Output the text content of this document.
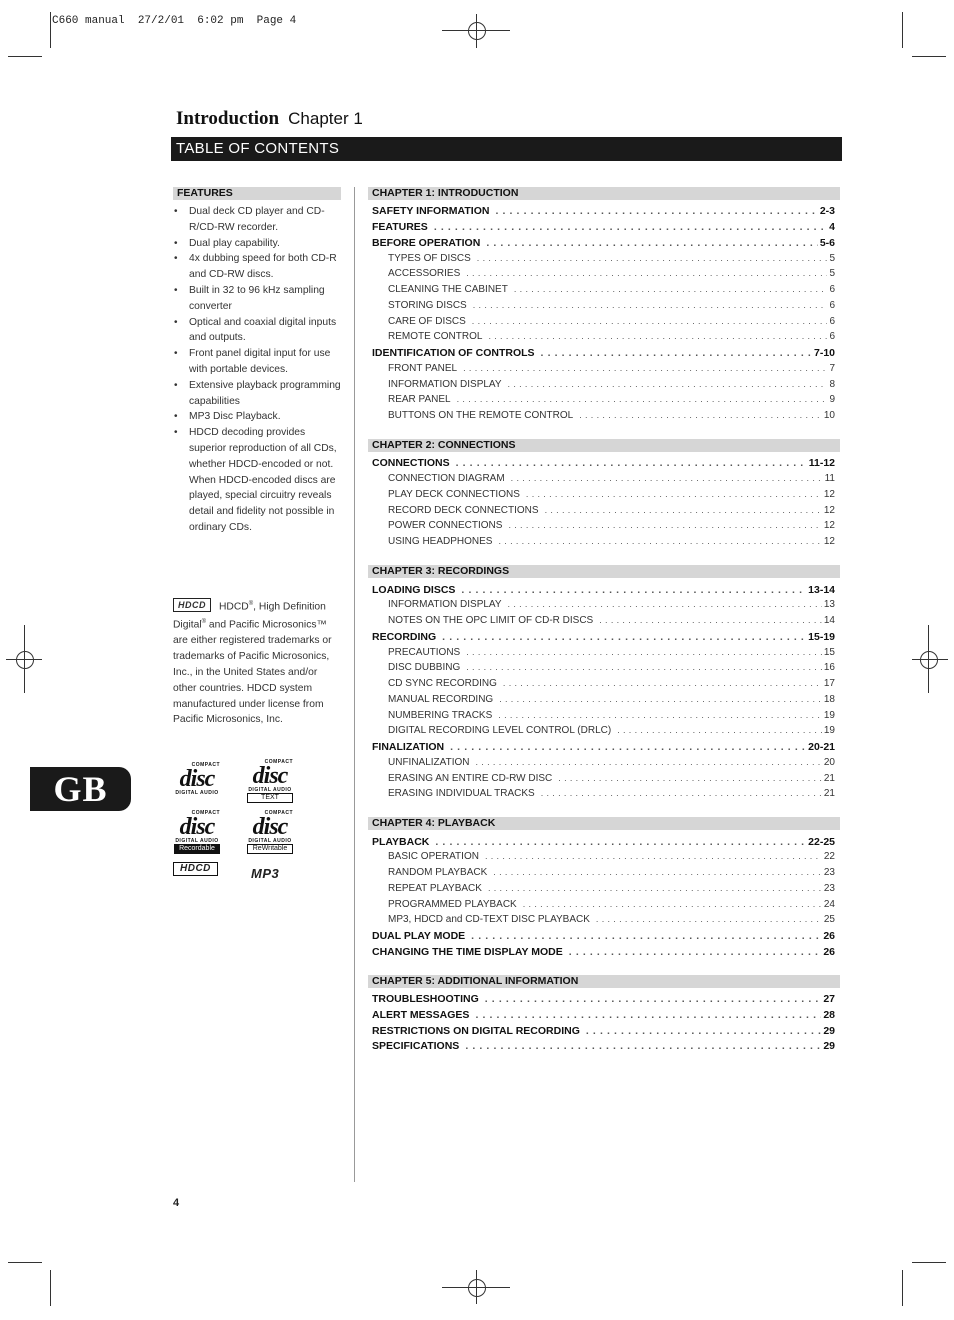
C660 manual  27/2/01  6:02 pm  Page 4
Introduction Chapter 1
TABLE OF CONTENTS
FEATURES
• Dual deck CD player and CD-R/CD-RW recorder.
• Dual play capability.
• 4x dubbing speed for both CD-R and CD-RW discs.
• Built in 32 to 96 kHz sampling converter
• Optical and coaxial digital inputs and outputs.
• Front panel digital input for use with portable devices.
• Extensive playback programming capabilities
• MP3 Disc Playback.
• HDCD decoding provides superior reproduction of all CDs, whether HDCD-encoded or not. When HDCD-encoded discs are played, special circuitry reveals detail and fidelity not possible in ordinary CDs.
HDCD HDCD®, High Definition Digital® and Pacific Microsonics™ are either registered trademarks or trademarks of Pacific Microsonics, Inc., in the United States and/or other countries. HDCD system manufactured under license from Pacific Microsonics, Inc.
COMPACT
disc
DIGITAL AUDIO
COMPACT
disc
DIGITAL AUDIO
TEXT
COMPACT
disc
DIGITAL AUDIO
Recordable
COMPACT
disc
DIGITAL AUDIO
ReWritable
HDCD	MP3
GB
4
CHAPTER 1: INTRODUCTION
SAFETY INFORMATION . . .	2-3
FEATURES . . .	4
BEFORE OPERATION . . .	5-6
TYPES OF DISCS . . .	5
ACCESSORIES . . .	5
CLEANING THE CABINET . . .	6
STORING DISCS . . .	6
CARE OF DISCS . . .	6
REMOTE CONTROL . . .	6
IDENTIFICATION OF CONTROLS . . .	7-10
FRONT PANEL . . .	7
INFORMATION DISPLAY . . .	8
REAR PANEL . . .	9
BUTTONS ON THE REMOTE CONTROL . . .	10
CHAPTER 2: CONNECTIONS
CONNECTIONS . . .	11-12
CONNECTION DIAGRAM . . .	11
PLAY DECK CONNECTIONS . . .	12
RECORD DECK CONNECTIONS . . .	12
POWER CONNECTIONS . . .	12
USING HEADPHONES . . .	12
CHAPTER 3: RECORDINGS
LOADING DISCS . . .	13-14
INFORMATION DISPLAY . . .	13
NOTES ON THE OPC LIMIT OF CD-R DISCS . . .	14
RECORDING . . .	15-19
PRECAUTIONS . . .	15
DISC DUBBING . . .	16
CD SYNC RECORDING . . .	17
MANUAL RECORDING . . .	18
NUMBERING TRACKS . . .	19
DIGITAL RECORDING LEVEL CONTROL (DRLC) . . .	19
FINALIZATION . . .	20-21
UNFINALIZATION . . .	20
ERASING AN ENTIRE CD-RW DISC . . .	21
ERASING INDIVIDUAL TRACKS . . .	21
CHAPTER 4: PLAYBACK
PLAYBACK . . .	22-25
BASIC OPERATION . . .	22
RANDOM PLAYBACK . . .	23
REPEAT PLAYBACK . . .	23
PROGRAMMED PLAYBACK . . .	24
MP3, HDCD and CD-TEXT DISC PLAYBACK . . .	25
DUAL PLAY MODE . . .	26
CHANGING THE TIME DISPLAY MODE . . .	26
CHAPTER 5: ADDITIONAL INFORMATION
TROUBLESHOOTING . . .	27
ALERT MESSAGES . . .	28
RESTRICTIONS ON DIGITAL RECORDING . . .	29
SPECIFICATIONS . . .	29
